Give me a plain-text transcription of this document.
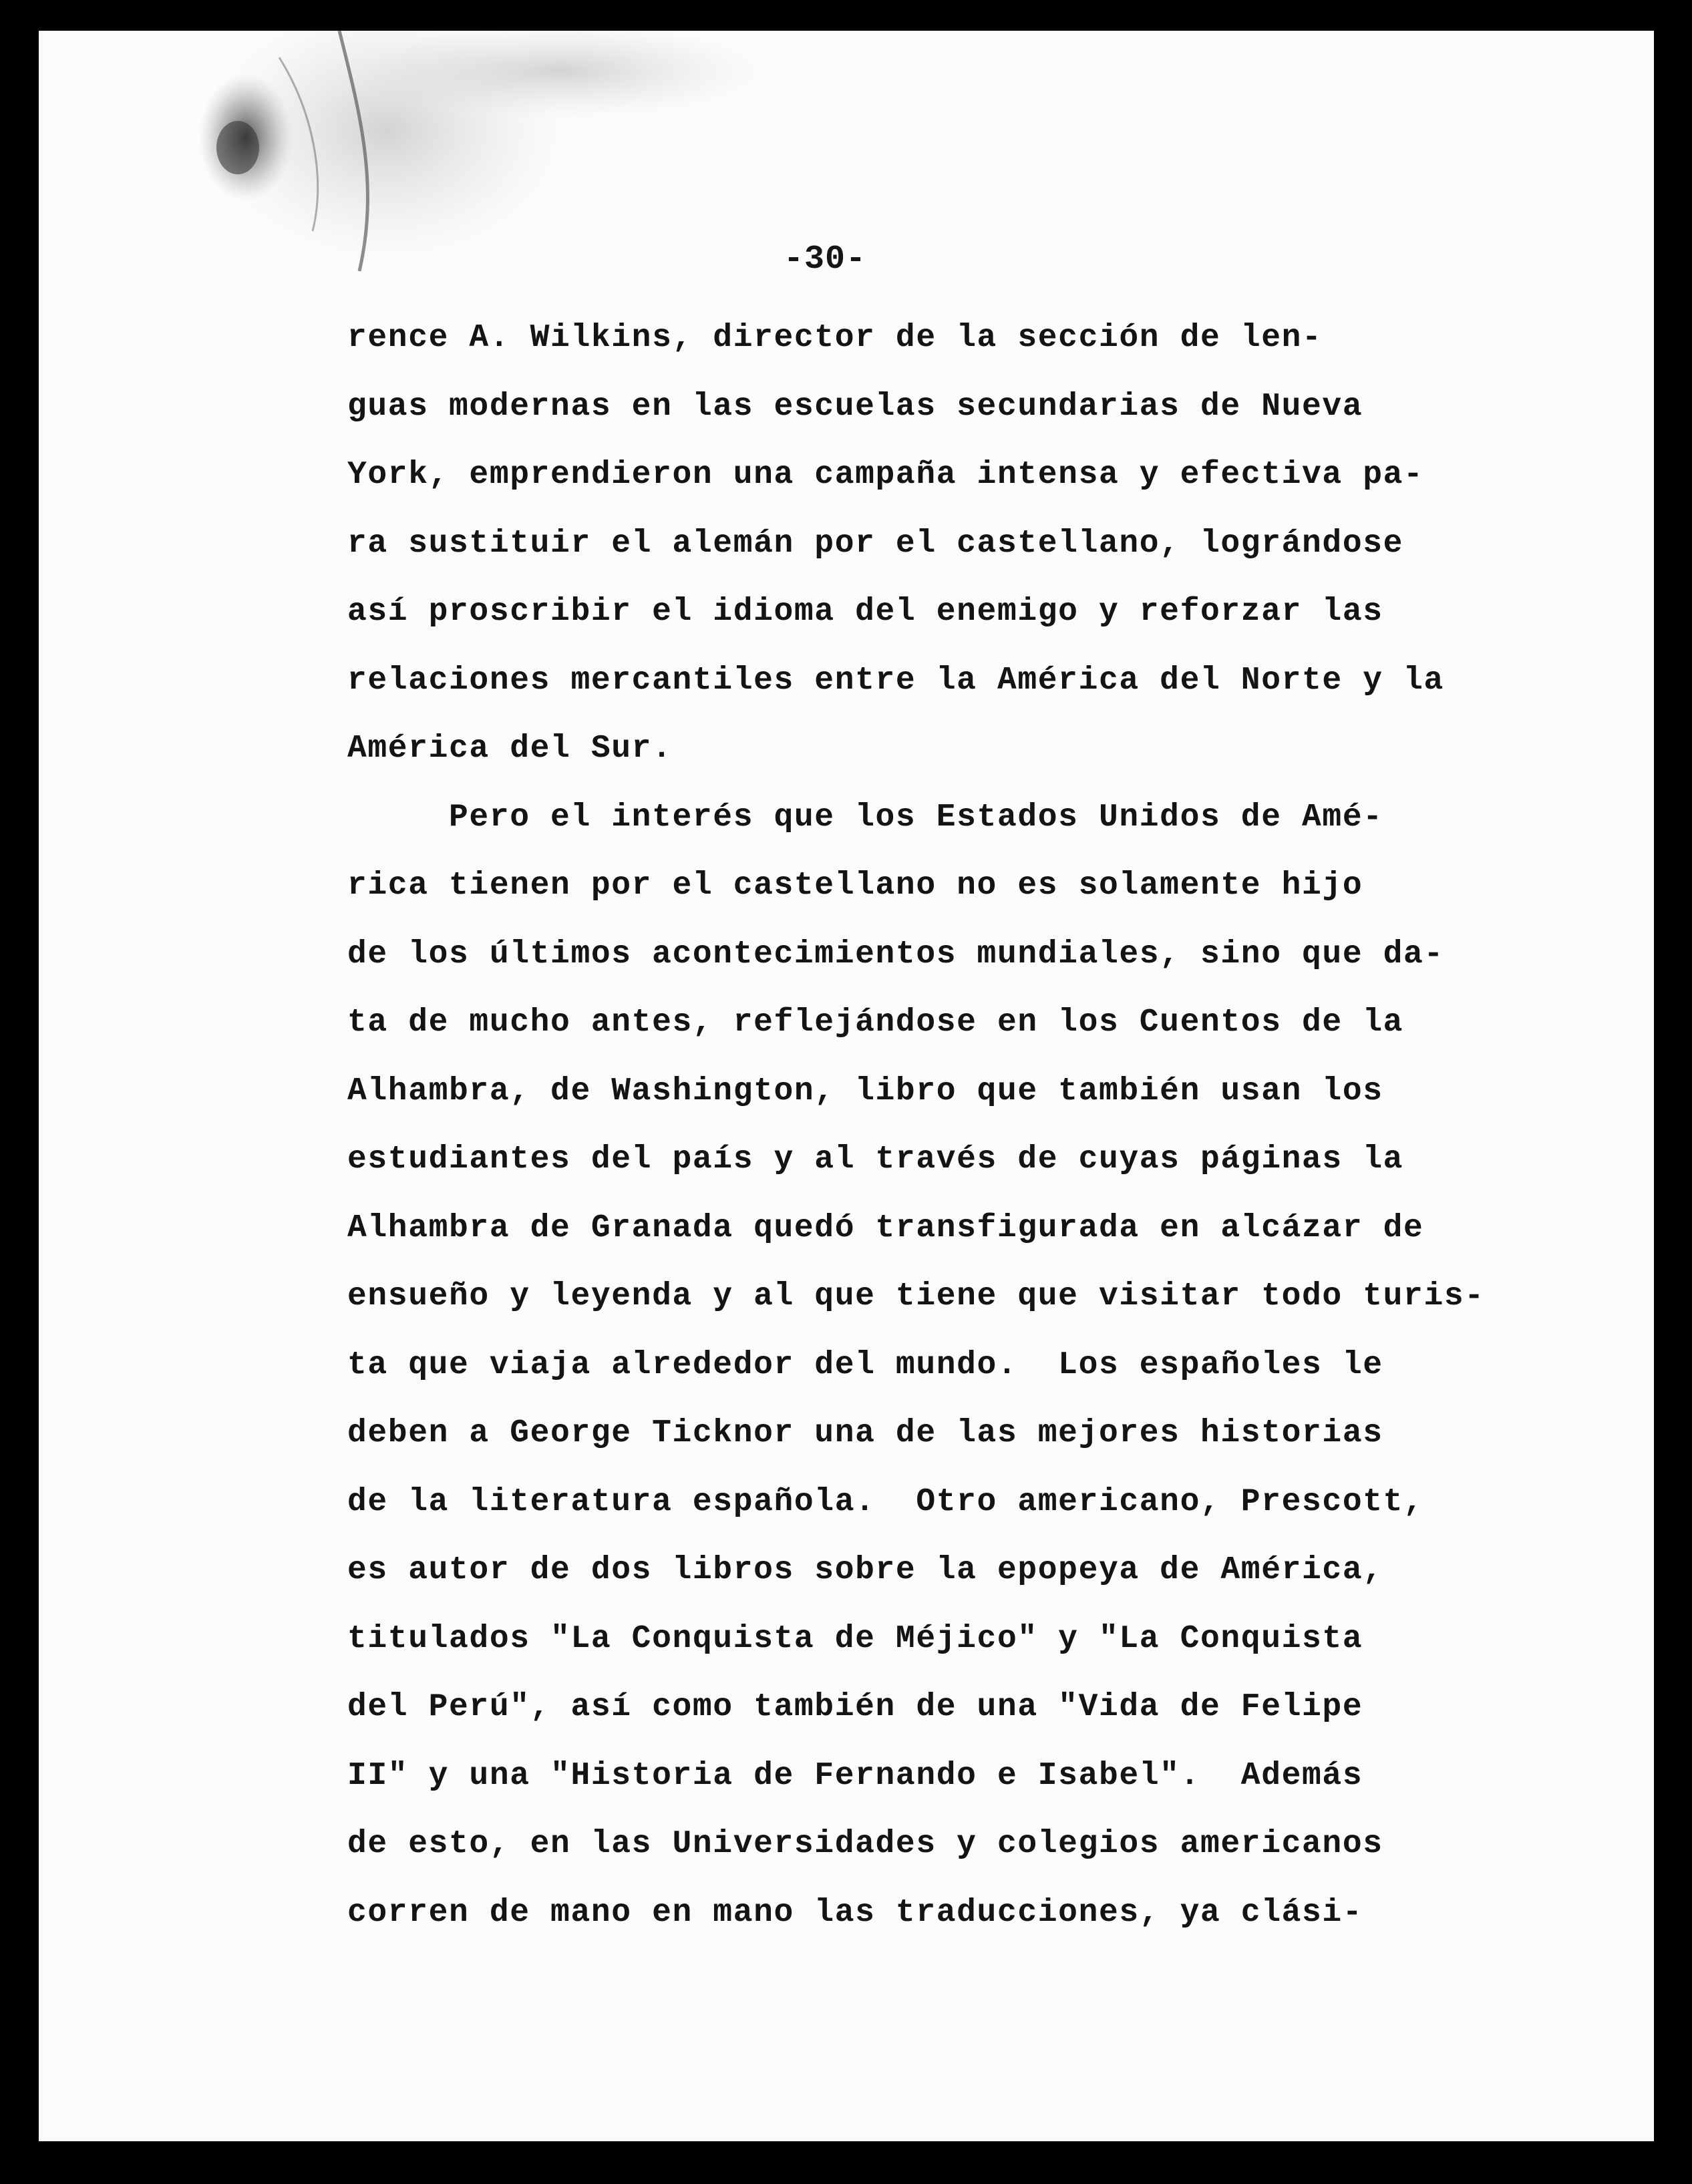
-30-
rence A. Wilkins, director de la sección de len-
guas modernas en las escuelas secundarias de Nueva
York, emprendieron una campaña intensa y efectiva pa-
ra sustituir el alemán por el castellano, lográndose
así proscribir el idioma del enemigo y reforzar las
relaciones mercantiles entre la América del Norte y la
América del Sur.
Pero el interés que los Estados Unidos de Amé-
rica tienen por el castellano no es solamente hijo
de los últimos acontecimientos mundiales, sino que da-
ta de mucho antes, reflejándose en los Cuentos de la
Alhambra, de Washington, libro que también usan los
estudiantes del país y al través de cuyas páginas la
Alhambra de Granada quedó transfigurada en alcázar de
ensueño y leyenda y al que tiene que visitar todo turis-
ta que viaja alrededor del mundo.  Los españoles le
deben a George Ticknor una de las mejores historias
de la literatura española.  Otro americano, Prescott,
es autor de dos libros sobre la epopeya de América,
titulados "La Conquista de Méjico" y "La Conquista
del Perú", así como también de una "Vida de Felipe
II" y una "Historia de Fernando e Isabel".  Además
de esto, en las Universidades y colegios americanos
corren de mano en mano las traducciones, ya clási-
